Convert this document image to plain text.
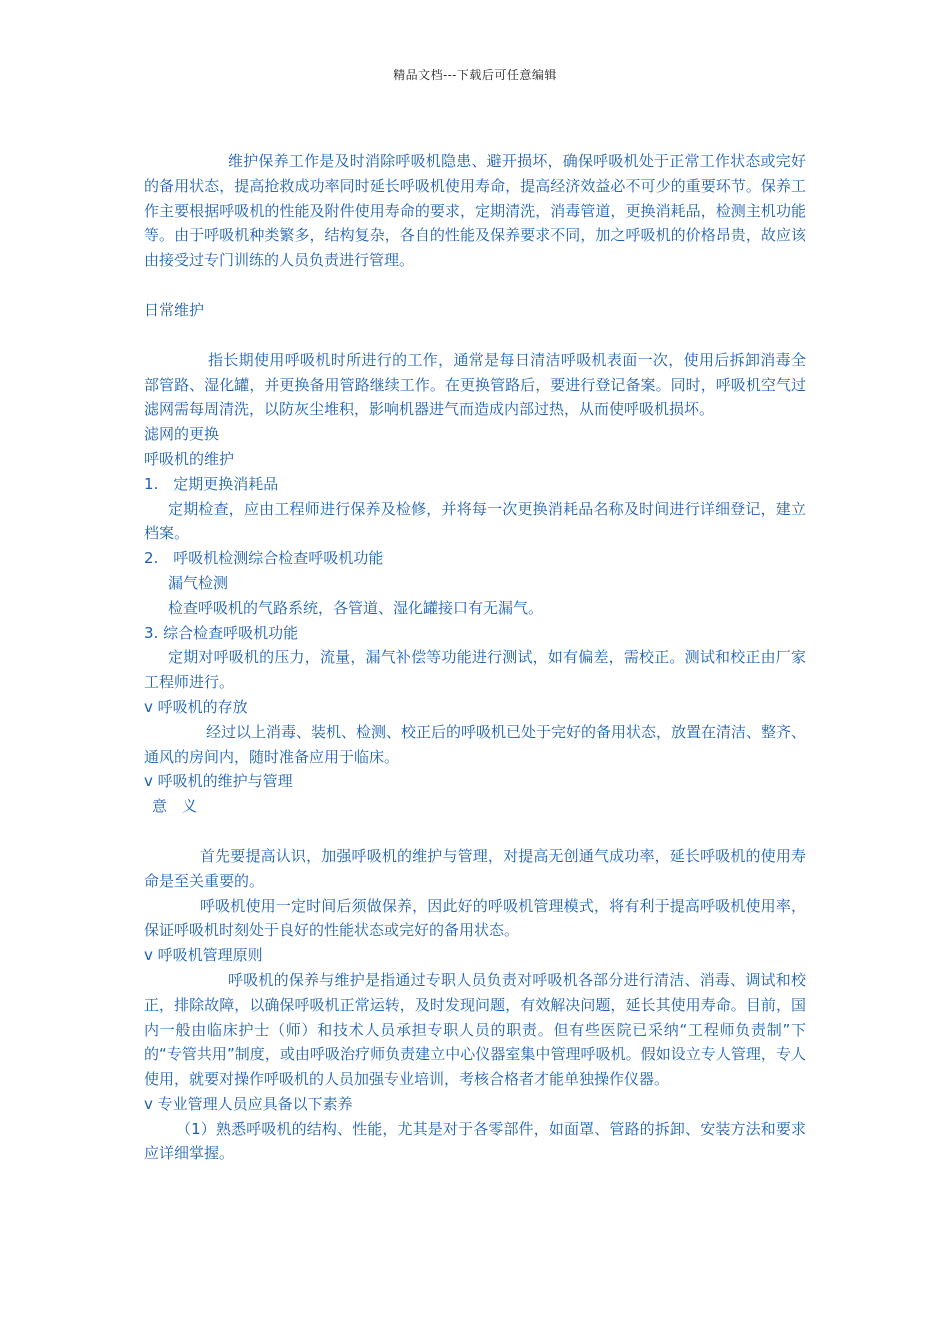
精品文档---下载后可任意编辑

维护保养工作是及时消除呼吸机隐患、避开损坏，确保呼吸机处于正常工作状态或完好的备用状态，提高抢救成功率同时延长呼吸机使用寿命，提高经济效益必不可少的重要环节。保养工作主要根据呼吸机的性能及附件使用寿命的要求，定期清洗，消毒管道，更换消耗品，检测主机功能等。由于呼吸机种类繁多，结构复杂，各自的性能及保养要求不同，加之呼吸机的价格昂贵，故应该由接受过专门训练的人员负责进行管理。

日常维护

指长期使用呼吸机时所进行的工作，通常是每日清洁呼吸机表面一次，使用后拆卸消毒全部管路、湿化罐，并更换备用管路继续工作。在更换管路后，要进行登记备案。同时，呼吸机空气过滤网需每周清洗，以防灰尘堆积，影响机器进气而造成内部过热，从而使呼吸机损坏。

滤网的更换

呼吸机的维护

1.　定期更换消耗品

定期检查，应由工程师进行保养及检修，并将每一次更换消耗品名称及时间进行详细登记，建立档案。

2.　呼吸机检测综合检查呼吸机功能

漏气检测

检查呼吸机的气路系统，各管道、湿化罐接口有无漏气。

3. 综合检查呼吸机功能

定期对呼吸机的压力，流量，漏气补偿等功能进行测试，如有偏差，需校正。测试和校正由厂家工程师进行。

v 呼吸机的存放

经过以上消毒、装机、检测、校正后的呼吸机已处于完好的备用状态，放置在清洁、整齐、通风的房间内，随时准备应用于临床。

v 呼吸机的维护与管理

意　义

首先要提高认识，加强呼吸机的维护与管理，对提高无创通气成功率，延长呼吸机的使用寿命是至关重要的。

呼吸机使用一定时间后须做保养，因此好的呼吸机管理模式，将有利于提高呼吸机使用率，保证呼吸机时刻处于良好的性能状态或完好的备用状态。

v 呼吸机管理原则

呼吸机的保养与维护是指通过专职人员负责对呼吸机各部分进行清洁、消毒、调试和校正，排除故障，以确保呼吸机正常运转，及时发现问题，有效解决问题，延长其使用寿命。目前，国内一般由临床护士（师）和技术人员承担专职人员的职责。但有些医院已采纳“工程师负责制”下的“专管共用”制度，或由呼吸治疗师负责建立中心仪器室集中管理呼吸机。假如设立专人管理，专人使用，就要对操作呼吸机的人员加强专业培训，考核合格者才能单独操作仪器。

v 专业管理人员应具备以下素养

（1）熟悉呼吸机的结构、性能，尤其是对于各零部件，如面罩、管路的拆卸、安装方法和要求应详细掌握。
